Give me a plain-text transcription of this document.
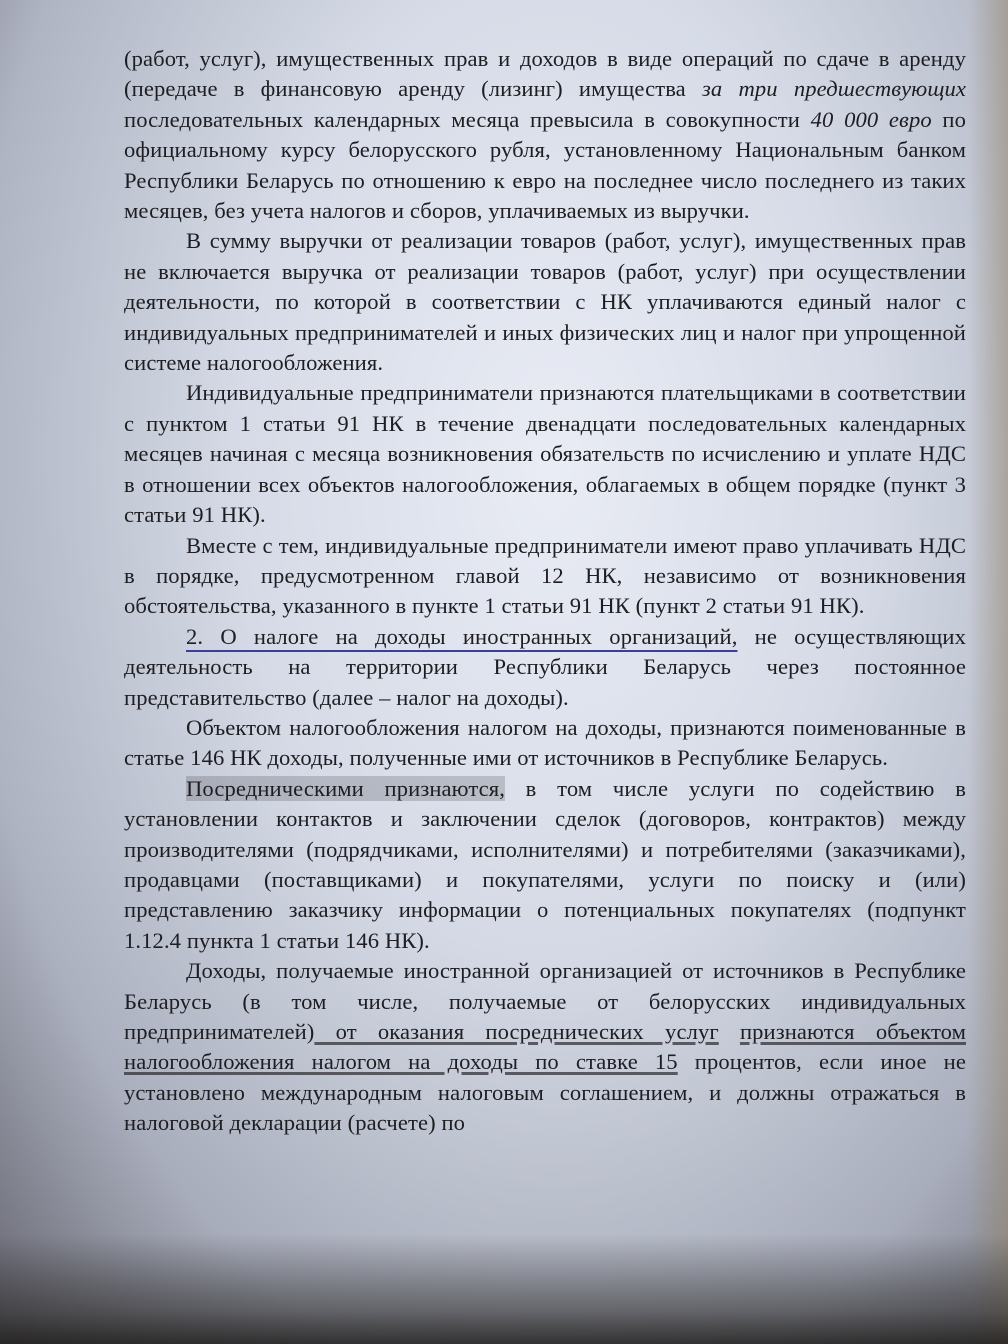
(работ, услуг), имущественных прав и доходов в виде операций по сдаче в аренду (передаче в финансовую аренду (лизинг) имущества за три предшествующих последовательных календарных месяца превысила в совокупности 40 000 евро по официальному курсу белорусского рубля, установленному Национальным банком Республики Беларусь по отношению к евро на последнее число последнего из таких месяцев, без учета налогов и сборов, уплачиваемых из выручки.

В сумму выручки от реализации товаров (работ, услуг), имущественных прав не включается выручка от реализации товаров (работ, услуг) при осуществлении деятельности, по которой в соответствии с НК уплачиваются единый налог с индивидуальных предпринимателей и иных физических лиц и налог при упрощенной системе налогообложения.

Индивидуальные предприниматели признаются плательщиками в соответствии с пунктом 1 статьи 91 НК в течение двенадцати последовательных календарных месяцев начиная с месяца возникновения обязательств по исчислению и уплате НДС в отношении всех объектов налогообложения, облагаемых в общем порядке (пункт 3 статьи 91 НК).

Вместе с тем, индивидуальные предприниматели имеют право уплачивать НДС в порядке, предусмотренном главой 12 НК, независимо от возникновения обстоятельства, указанного в пункте 1 статьи 91 НК (пункт 2 статьи 91 НК).

2. О налоге на доходы иностранных организаций, не осуществляющих деятельность на территории Республики Беларусь через постоянное представительство (далее – налог на доходы).

Объектом налогообложения налогом на доходы, признаются поименованные в статье 146 НК доходы, полученные ими от источников в Республике Беларусь.

Посредническими признаются, в том числе услуги по содействию в установлении контактов и заключении сделок (договоров, контрактов) между производителями (подрядчиками, исполнителями) и потребителями (заказчиками), продавцами (поставщиками) и покупателями, услуги по поиску и (или) представлению заказчику информации о потенциальных покупателях (подпункт 1.12.4 пункта 1 статьи 146 НК).

Доходы, получаемые иностранной организацией от источников в Республике Беларусь (в том числе, получаемые от белорусских индивидуальных предпринимателей) от оказания посреднических услуг признаются объектом налогообложения налогом на доходы по ставке 15 процентов, если иное не установлено международным налоговым соглашением, и должны отражаться в налоговой декларации (расчете) по
